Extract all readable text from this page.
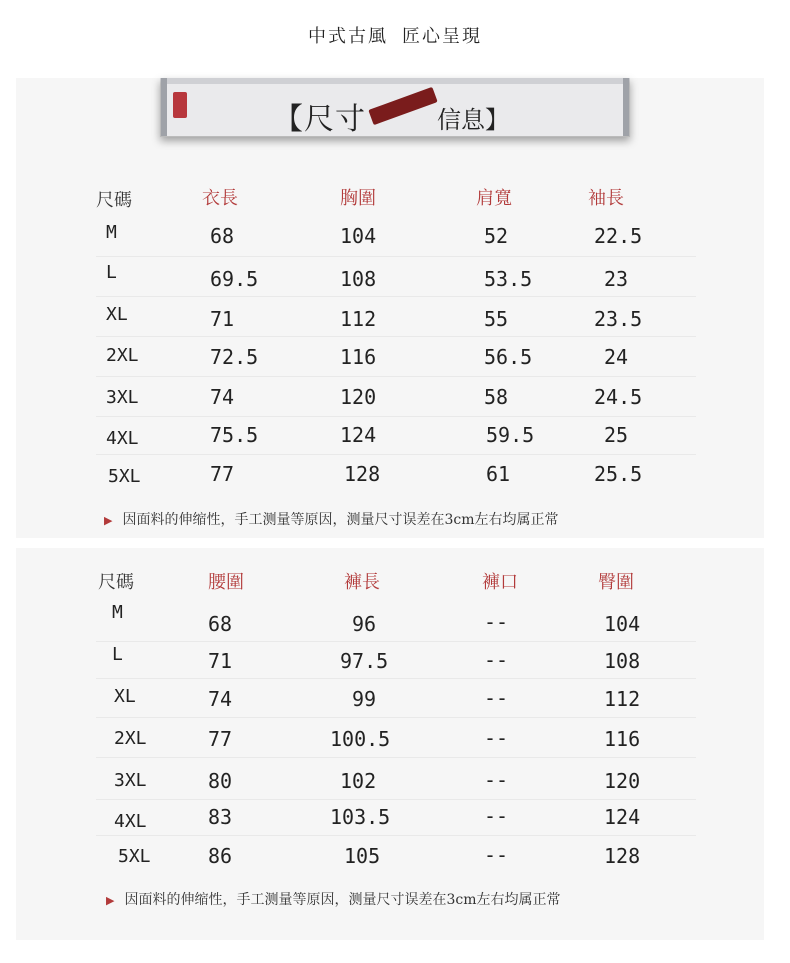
中式古風 匠心呈現
【尺寸	信息】
尺碼	衣長	胸圍	肩寬	袖長
M	68	104	52	22.5
L	69.5	108	53.5	23
XL	71	112	55	23.5
2XL	72.5	116	56.5	24
3XL	74	120	58	24.5
4XL	75.5	124	59.5	25
5XL	77	128	61	25.5
▶ 因面料的伸缩性，手工测量等原因，测量尺寸误差在3cm左右均属正常
尺碼	腰圍	褲長	褲口	臀圍
M	68	96	--	104
L	71	97.5	--	108
XL	74	99	--	112
2XL	77	100.5	--	116
3XL	80	102	--	120
4XL	83	103.5	--	124
5XL	86	105	--	128
▶ 因面料的伸缩性，手工测量等原因，测量尺寸误差在3cm左右均属正常
